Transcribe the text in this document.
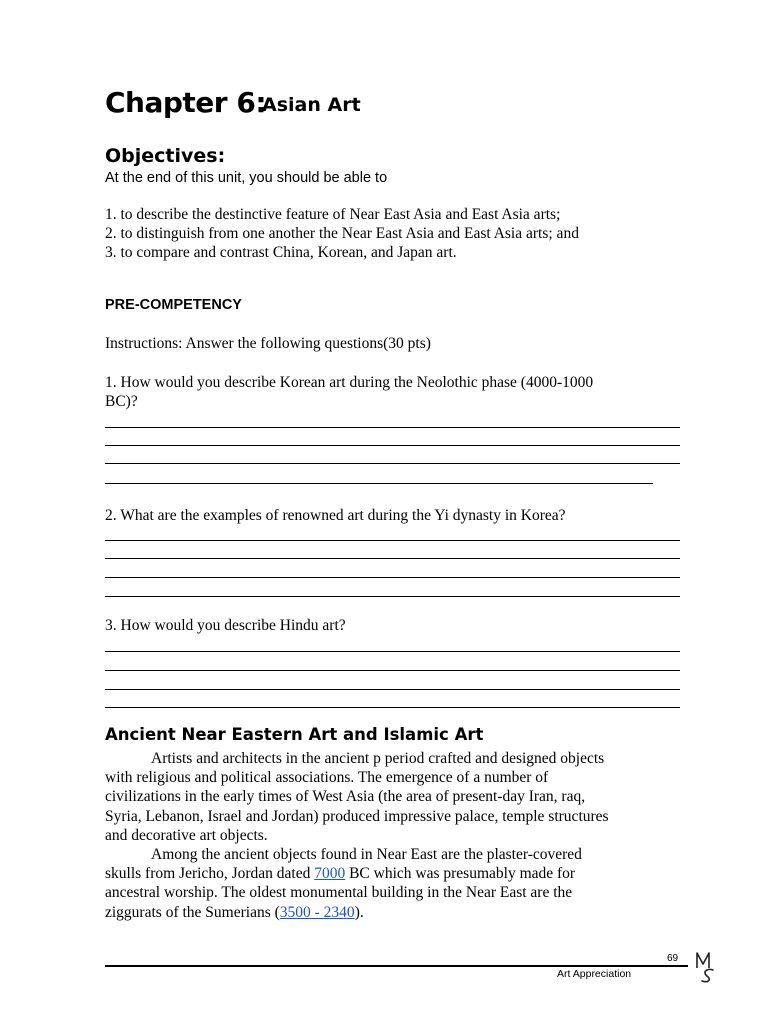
Chapter 6:
Asian Art
Objectives:
At the end of this unit, you should be able to
1. to describe the destinctive feature of Near East Asia and East Asia arts;
2. to distinguish from one another the Near East Asia and East Asia arts; and
3. to compare and contrast China, Korean, and Japan art.
PRE-COMPETENCY
Instructions: Answer the following questions(30 pts)
1. How would you describe Korean art during the Neolothic phase (4000-1000
BC)?
2. What are the examples of renowned art during the Yi dynasty in Korea?
3. How would you describe Hindu art?
Ancient Near Eastern Art and Islamic Art
Artists and architects in the ancient p period crafted and designed objects
with religious and political associations. The emergence of a number of
civilizations in the early times of West Asia (the area of present-day Iran, raq,
Syria, Lebanon, Israel and Jordan) produced impressive palace, temple structures
and decorative art objects.
Among the ancient objects found in Near East are the plaster-covered
skulls from Jericho, Jordan dated 7000 BC which was presumably made for
ancestral worship. The oldest monumental building in the Near East are the
ziggurats of the Sumerians (3500 - 2340).
69
Art Appreciation
